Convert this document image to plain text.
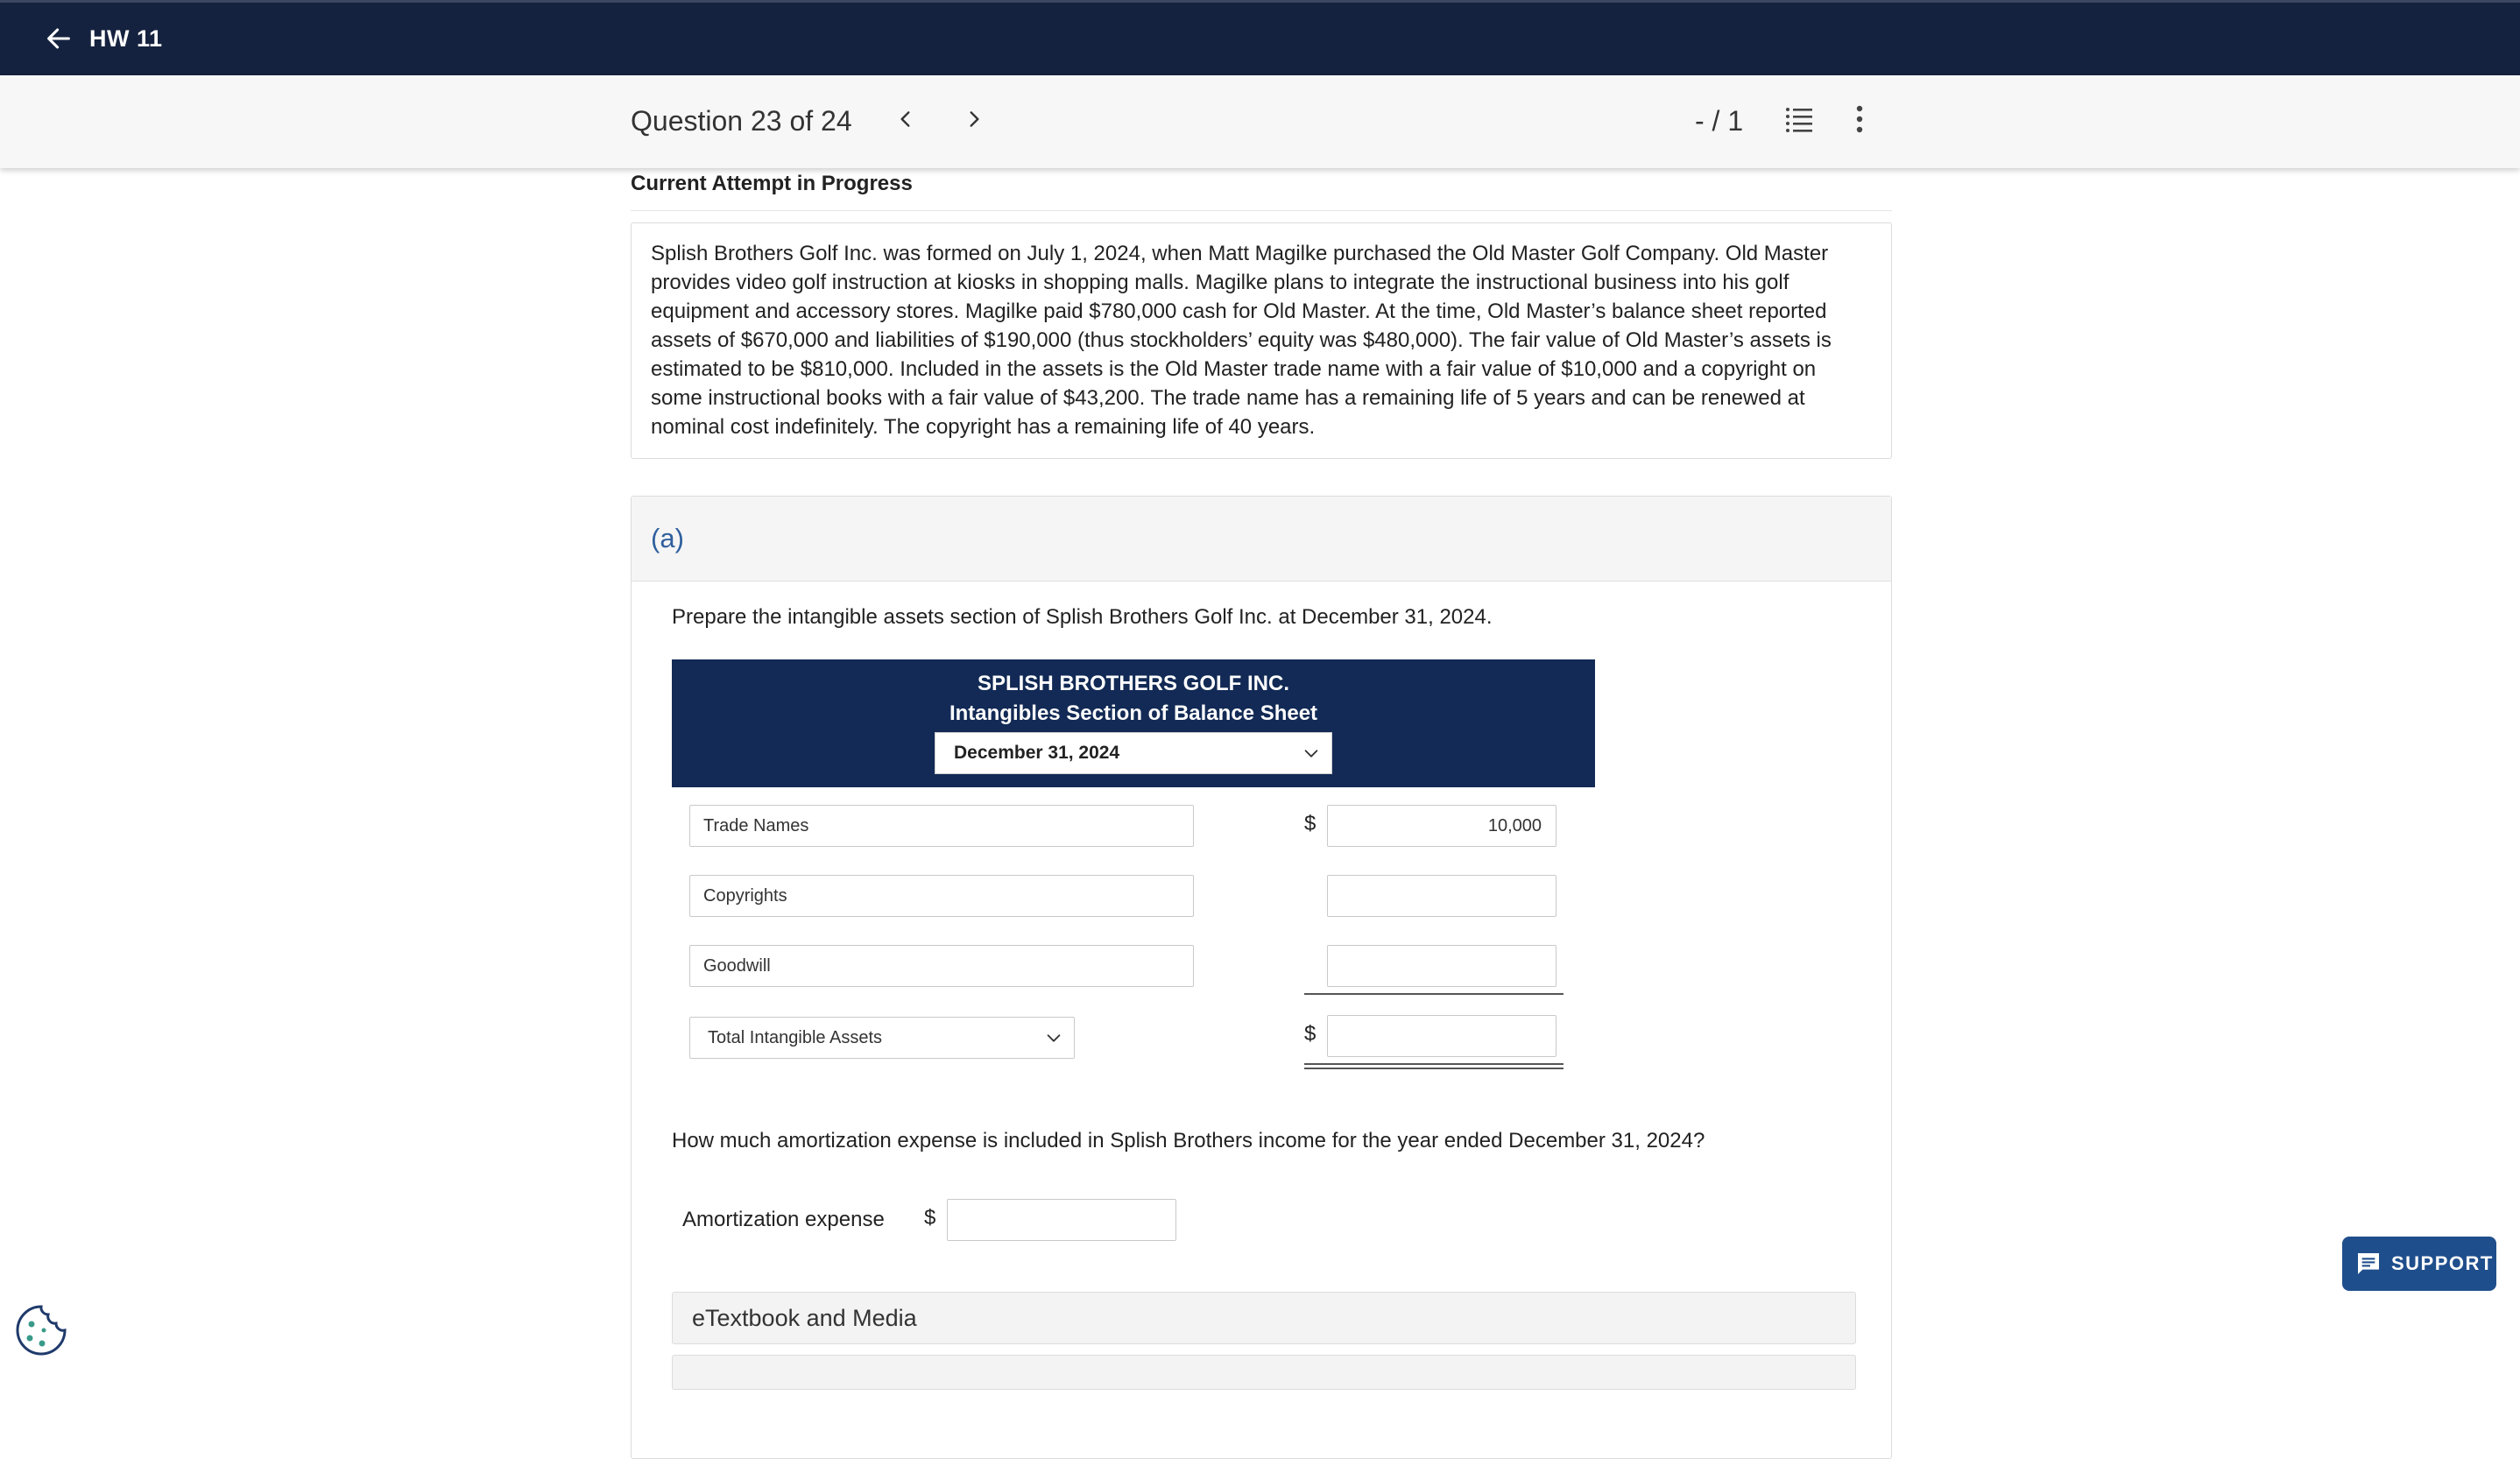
HW 11
Question 23 of 24	- / 1
Current Attempt in Progress
Splish Brothers Golf Inc. was formed on July 1, 2024, when Matt Magilke purchased the Old Master Golf Company. Old Master provides video golf instruction at kiosks in shopping malls. Magilke plans to integrate the instructional business into his golf equipment and accessory stores. Magilke paid $780,000 cash for Old Master. At the time, Old Master’s balance sheet reported assets of $670,000 and liabilities of $190,000 (thus stockholders’ equity was $480,000). The fair value of Old Master’s assets is estimated to be $810,000. Included in the assets is the Old Master trade name with a fair value of $10,000 and a copyright on some instructional books with a fair value of $43,200. The trade name has a remaining life of 5 years and can be renewed at nominal cost indefinitely. The copyright has a remaining life of 40 years.
(a)
Prepare the intangible assets section of Splish Brothers Golf Inc. at December 31, 2024.
SPLISH BROTHERS GOLF INC.
Intangibles Section of Balance Sheet
December 31, 2024
Trade Names	$	10,000
Copyrights
Goodwill
Total Intangible Assets	$
How much amortization expense is included in Splish Brothers income for the year ended December 31, 2024?
Amortization expense $
eTextbook and Media
SUPPORT
